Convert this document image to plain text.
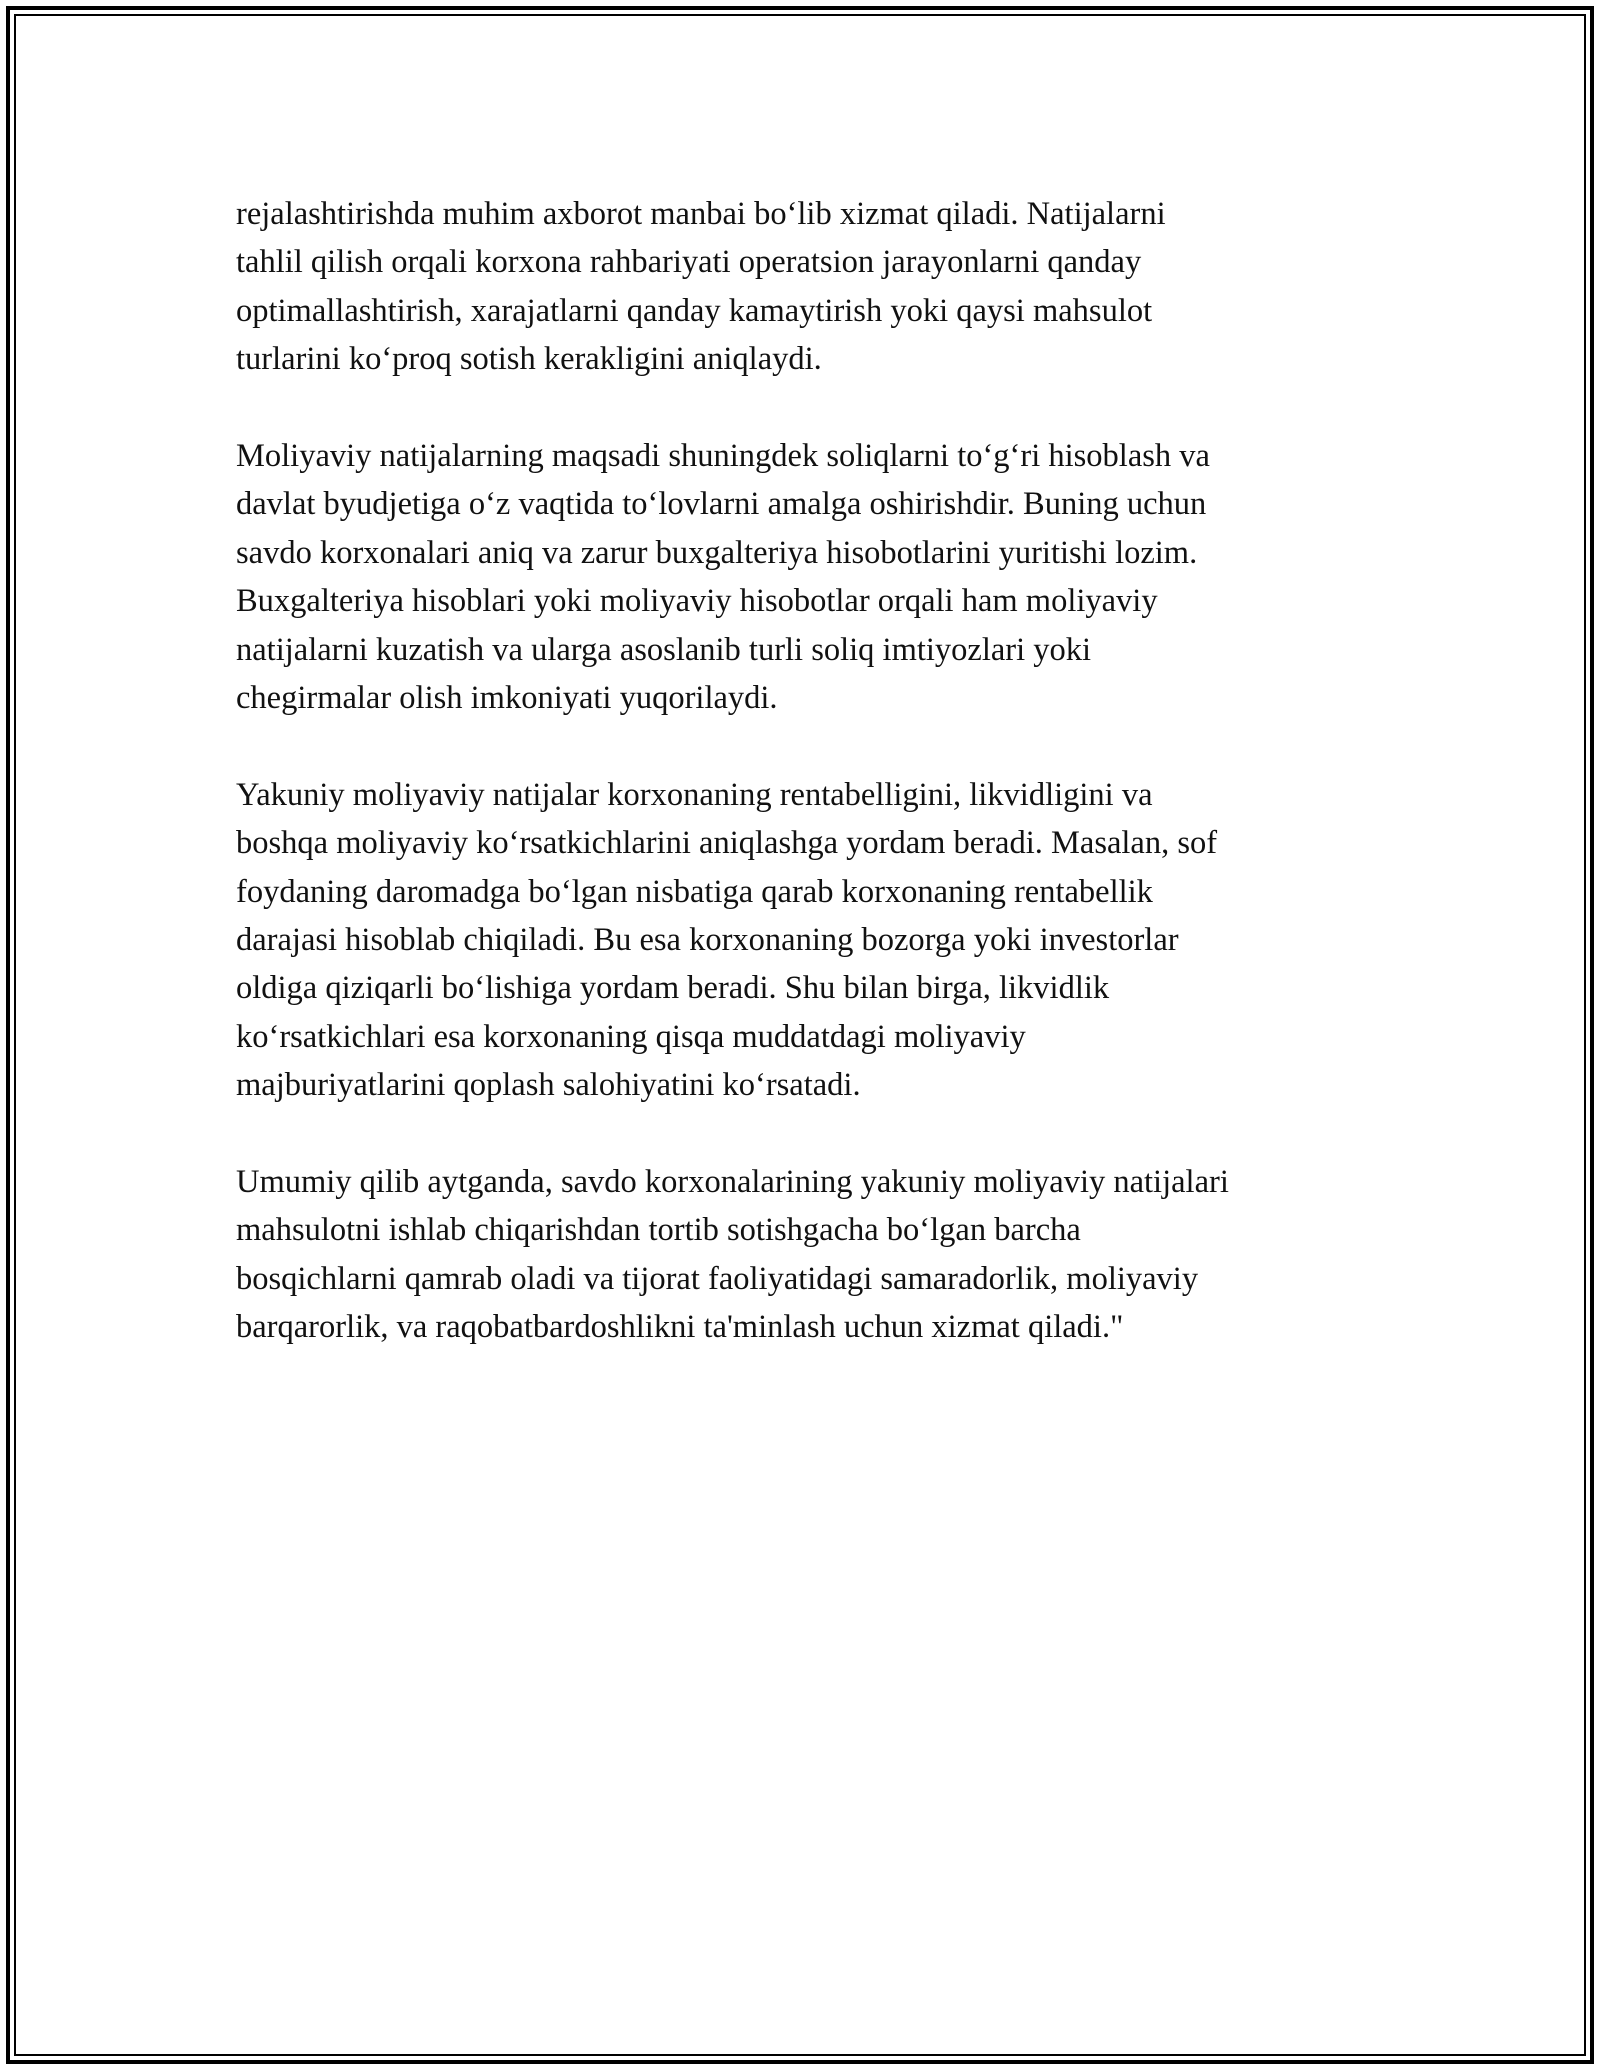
rejalashtirishda muhim axborot manbai bo‘lib xizmat qiladi. Natijalarni
tahlil qilish orqali korxona rahbariyati operatsion jarayonlarni qanday
optimallashtirish, xarajatlarni qanday kamaytirish yoki qaysi mahsulot
turlarini ko‘proq sotish kerakligini aniqlaydi.

Moliyaviy natijalarning maqsadi shuningdek soliqlarni to‘g‘ri hisoblash va
davlat byudjetiga o‘z vaqtida to‘lovlarni amalga oshirishdir. Buning uchun
savdo korxonalari aniq va zarur buxgalteriya hisobotlarini yuritishi lozim.
Buxgalteriya hisoblari yoki moliyaviy hisobotlar orqali ham moliyaviy
natijalarni kuzatish va ularga asoslanib turli soliq imtiyozlari yoki
chegirmalar olish imkoniyati yuqorilaydi.

Yakuniy moliyaviy natijalar korxonaning rentabelligini, likvidligini va
boshqa moliyaviy ko‘rsatkichlarini aniqlashga yordam beradi. Masalan, sof
foydaning daromadga bo‘lgan nisbatiga qarab korxonaning rentabellik
darajasi hisoblab chiqiladi. Bu esa korxonaning bozorga yoki investorlar
oldiga qiziqarli bo‘lishiga yordam beradi. Shu bilan birga, likvidlik
ko‘rsatkichlari esa korxonaning qisqa muddatdagi moliyaviy
majburiyatlarini qoplash salohiyatini ko‘rsatadi.

Umumiy qilib aytganda, savdo korxonalarining yakuniy moliyaviy natijalari
mahsulotni ishlab chiqarishdan tortib sotishgacha bo‘lgan barcha
bosqichlarni qamrab oladi va tijorat faoliyatidagi samaradorlik, moliyaviy
barqarorlik, va raqobatbardoshlikni ta'minlash uchun xizmat qiladi."
